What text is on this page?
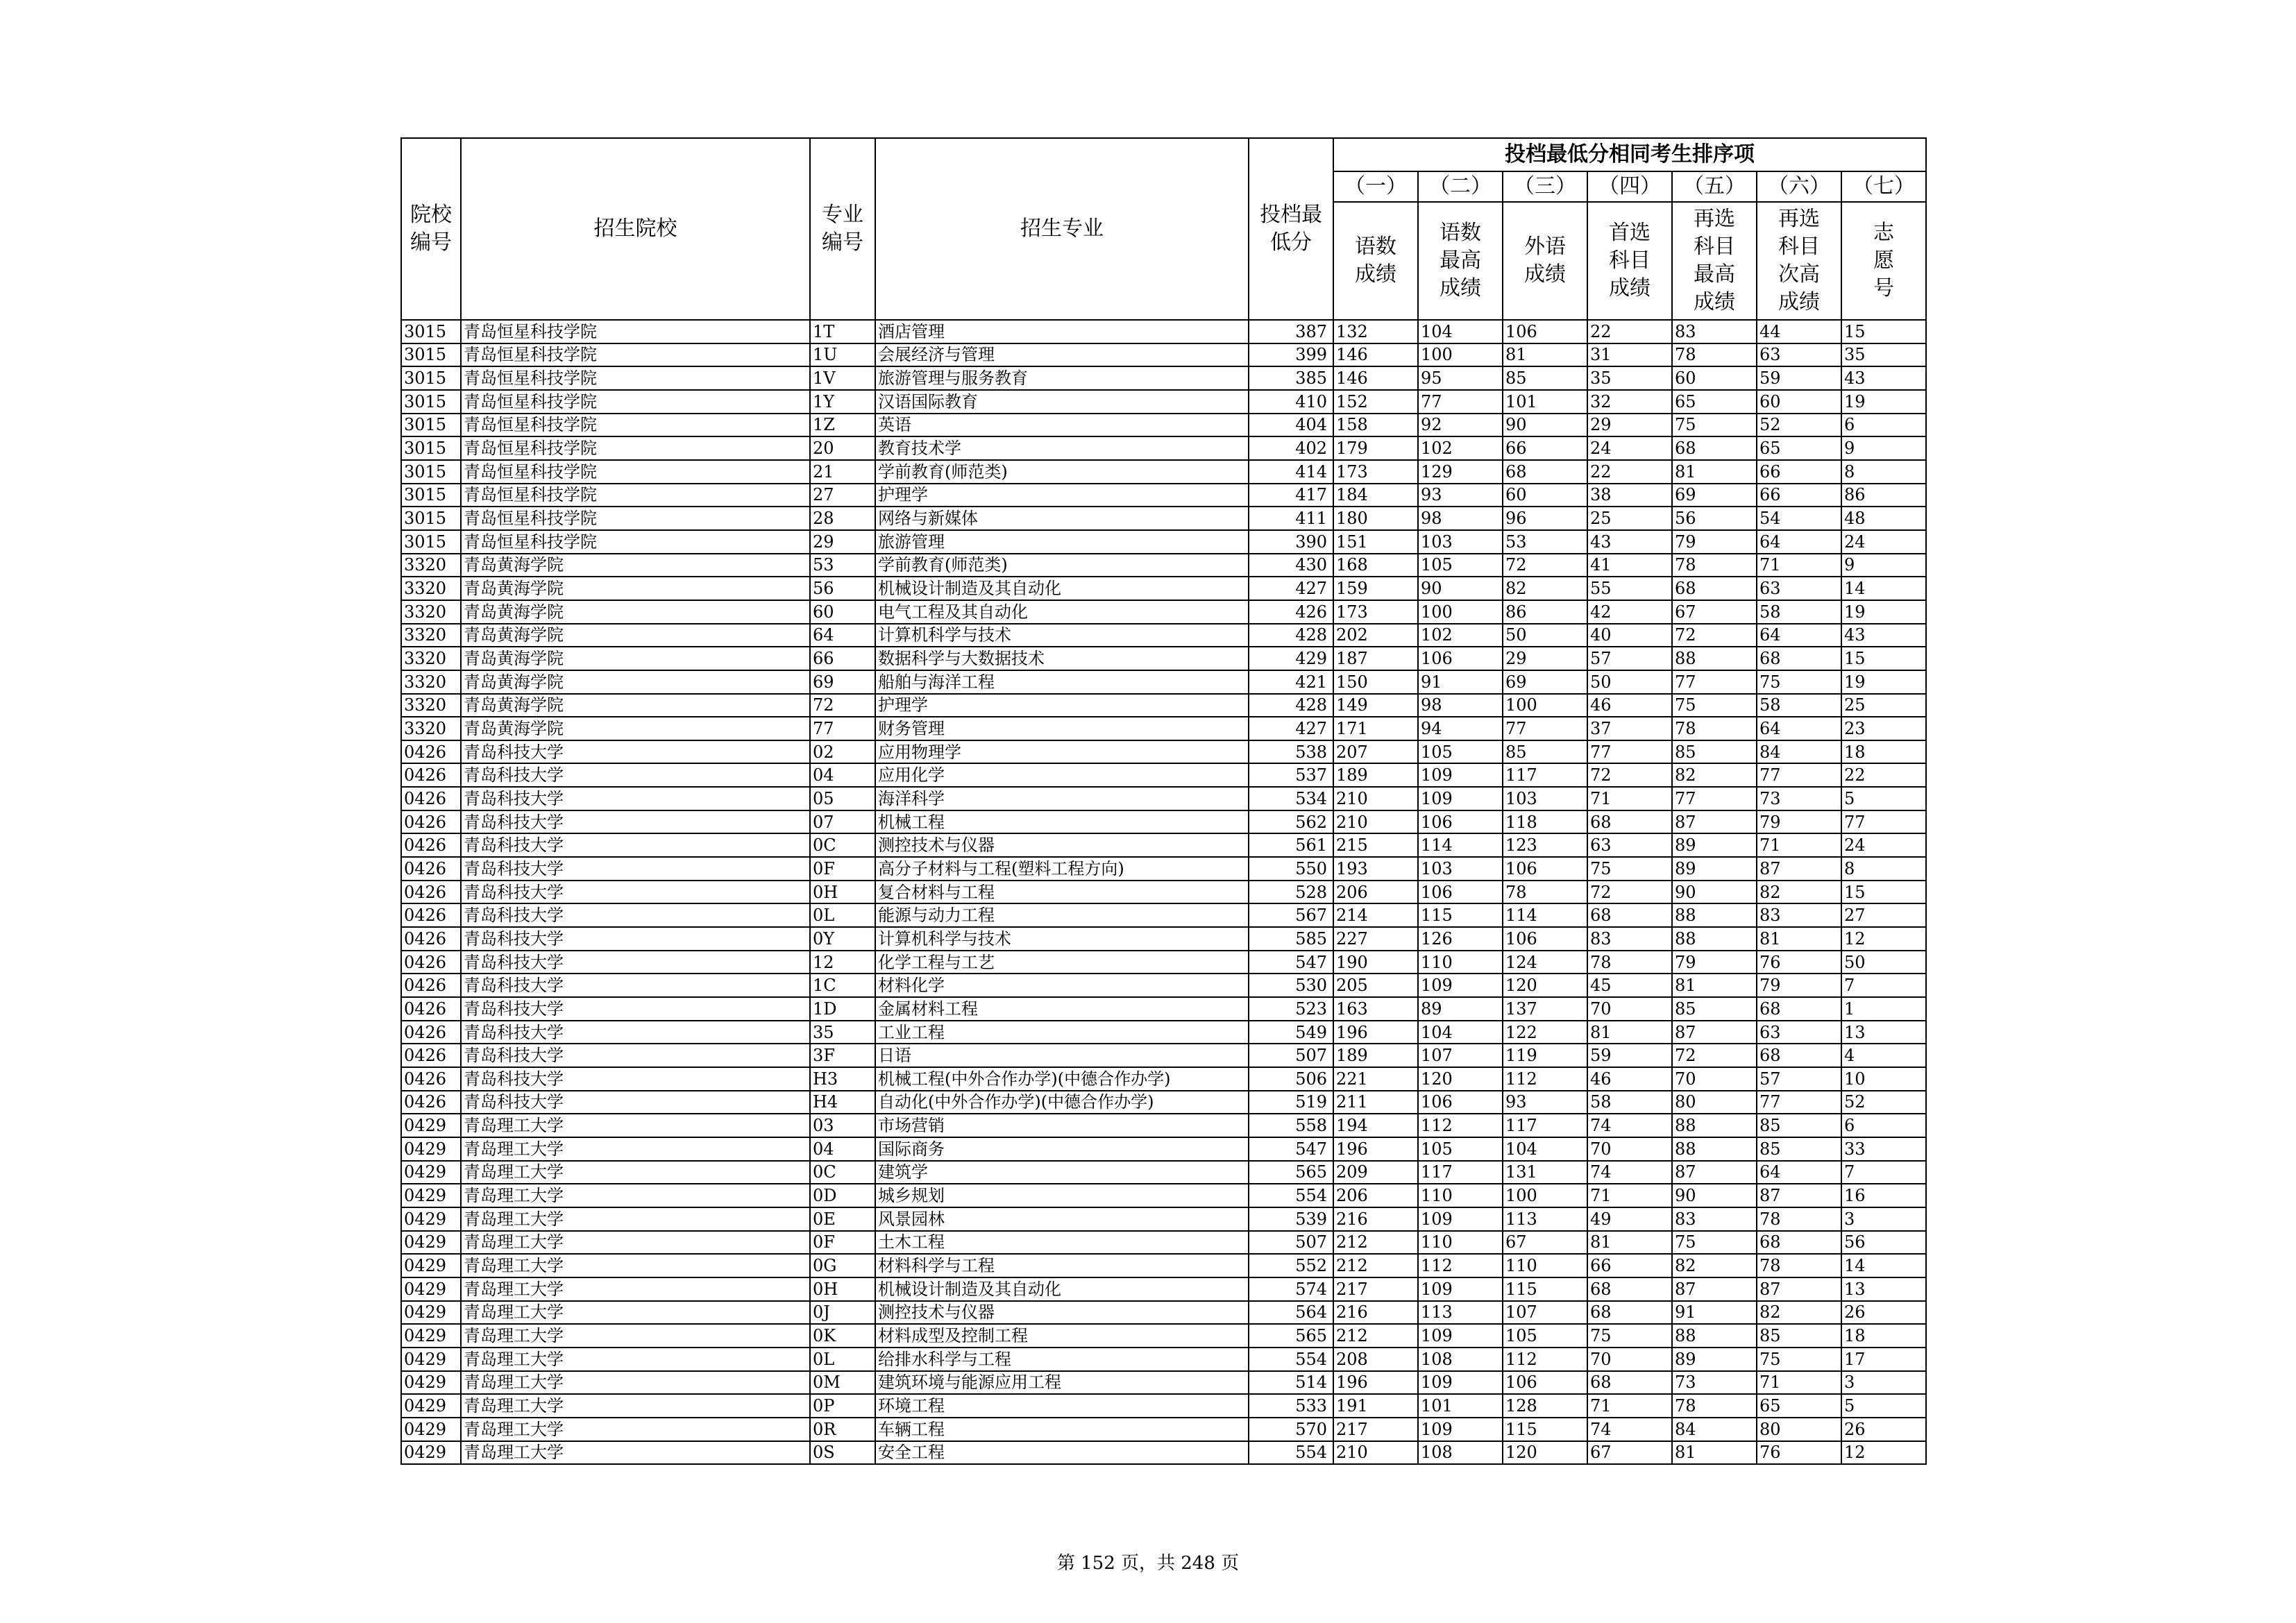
院校编号	招生院校	专业编号	招生专业	投档最低分	投档最低分相同考生排序项						
					（一）	（二）	（三）	（四）	（五）	（六）	（七）
					语数成绩	语数最高成绩	外语成绩	首选科目成绩	再选科目最高成绩	再选科目次高成绩	志愿号
3015	青岛恒星科技学院	1T	酒店管理	387	132	104	106	22	83	44	15
3015	青岛恒星科技学院	1U	会展经济与管理	399	146	100	81	31	78	63	35
3015	青岛恒星科技学院	1V	旅游管理与服务教育	385	146	95	85	35	60	59	43
3015	青岛恒星科技学院	1Y	汉语国际教育	410	152	77	101	32	65	60	19
3015	青岛恒星科技学院	1Z	英语	404	158	92	90	29	75	52	6
3015	青岛恒星科技学院	20	教育技术学	402	179	102	66	24	68	65	9
3015	青岛恒星科技学院	21	学前教育(师范类)	414	173	129	68	22	81	66	8
3015	青岛恒星科技学院	27	护理学	417	184	93	60	38	69	66	86
3015	青岛恒星科技学院	28	网络与新媒体	411	180	98	96	25	56	54	48
3015	青岛恒星科技学院	29	旅游管理	390	151	103	53	43	79	64	24
3320	青岛黄海学院	53	学前教育(师范类)	430	168	105	72	41	78	71	9
3320	青岛黄海学院	56	机械设计制造及其自动化	427	159	90	82	55	68	63	14
3320	青岛黄海学院	60	电气工程及其自动化	426	173	100	86	42	67	58	19
3320	青岛黄海学院	64	计算机科学与技术	428	202	102	50	40	72	64	43
3320	青岛黄海学院	66	数据科学与大数据技术	429	187	106	29	57	88	68	15
3320	青岛黄海学院	69	船舶与海洋工程	421	150	91	69	50	77	75	19
3320	青岛黄海学院	72	护理学	428	149	98	100	46	75	58	25
3320	青岛黄海学院	77	财务管理	427	171	94	77	37	78	64	23
0426	青岛科技大学	02	应用物理学	538	207	105	85	77	85	84	18
0426	青岛科技大学	04	应用化学	537	189	109	117	72	82	77	22
0426	青岛科技大学	05	海洋科学	534	210	109	103	71	77	73	5
0426	青岛科技大学	07	机械工程	562	210	106	118	68	87	79	77
0426	青岛科技大学	0C	测控技术与仪器	561	215	114	123	63	89	71	24
0426	青岛科技大学	0F	高分子材料与工程(塑料工程方向)	550	193	103	106	75	89	87	8
0426	青岛科技大学	0H	复合材料与工程	528	206	106	78	72	90	82	15
0426	青岛科技大学	0L	能源与动力工程	567	214	115	114	68	88	83	27
0426	青岛科技大学	0Y	计算机科学与技术	585	227	126	106	83	88	81	12
0426	青岛科技大学	12	化学工程与工艺	547	190	110	124	78	79	76	50
0426	青岛科技大学	1C	材料化学	530	205	109	120	45	81	79	7
0426	青岛科技大学	1D	金属材料工程	523	163	89	137	70	85	68	1
0426	青岛科技大学	35	工业工程	549	196	104	122	81	87	63	13
0426	青岛科技大学	3F	日语	507	189	107	119	59	72	68	4
0426	青岛科技大学	H3	机械工程(中外合作办学)(中德合作办学)	506	221	120	112	46	70	57	10
0426	青岛科技大学	H4	自动化(中外合作办学)(中德合作办学)	519	211	106	93	58	80	77	52
0429	青岛理工大学	03	市场营销	558	194	112	117	74	88	85	6
0429	青岛理工大学	04	国际商务	547	196	105	104	70	88	85	33
0429	青岛理工大学	0C	建筑学	565	209	117	131	74	87	64	7
0429	青岛理工大学	0D	城乡规划	554	206	110	100	71	90	87	16
0429	青岛理工大学	0E	风景园林	539	216	109	113	49	83	78	3
0429	青岛理工大学	0F	土木工程	507	212	110	67	81	75	68	56
0429	青岛理工大学	0G	材料科学与工程	552	212	112	110	66	82	78	14
0429	青岛理工大学	0H	机械设计制造及其自动化	574	217	109	115	68	87	87	13
0429	青岛理工大学	0J	测控技术与仪器	564	216	113	107	68	91	82	26
0429	青岛理工大学	0K	材料成型及控制工程	565	212	109	105	75	88	85	18
0429	青岛理工大学	0L	给排水科学与工程	554	208	108	112	70	89	75	17
0429	青岛理工大学	0M	建筑环境与能源应用工程	514	196	109	106	68	73	71	3
0429	青岛理工大学	0P	环境工程	533	191	101	128	71	78	65	5
0429	青岛理工大学	0R	车辆工程	570	217	109	115	74	84	80	26
0429	青岛理工大学	0S	安全工程	554	210	108	120	67	81	76	12
第 152 页，共 248 页
